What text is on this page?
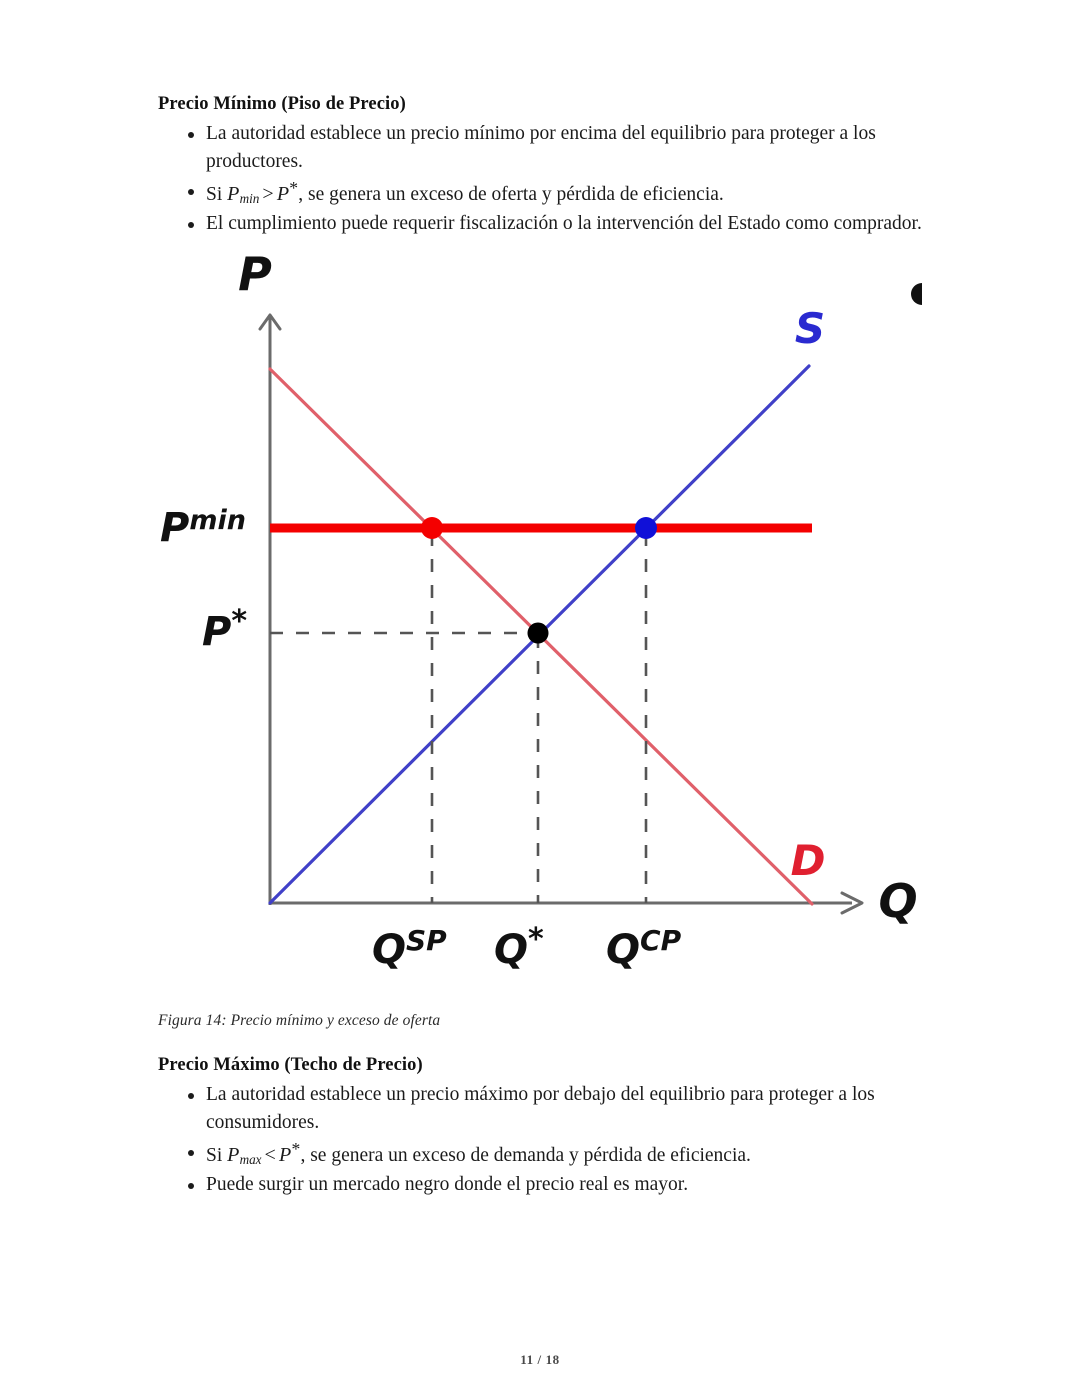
Precio Mínimo (Piso de Precio)
La autoridad establece un precio mínimo por encima del equilibrio para proteger a los productores.
Si $P_{min} > P*$, se genera un exceso de oferta y pérdida de eficiencia.
El cumplimiento puede requerir fiscalización o la intervención del Estado como comprador.
P
Q
S
D
$P^{min}$
P*
$Q^{SP}$ Q* $Q^{CP}$
Figura 14: Precio mínimo y exceso de oferta
Precio Máximo (Techo de Precio)
La autoridad establece un precio máximo por debajo del equilibrio para proteger a los consumidores.
Si $P_{max} < P*$, se genera un exceso de demanda y pérdida de eficiencia.
Puede surgir un mercado negro donde el precio real es mayor.
11 / 18
